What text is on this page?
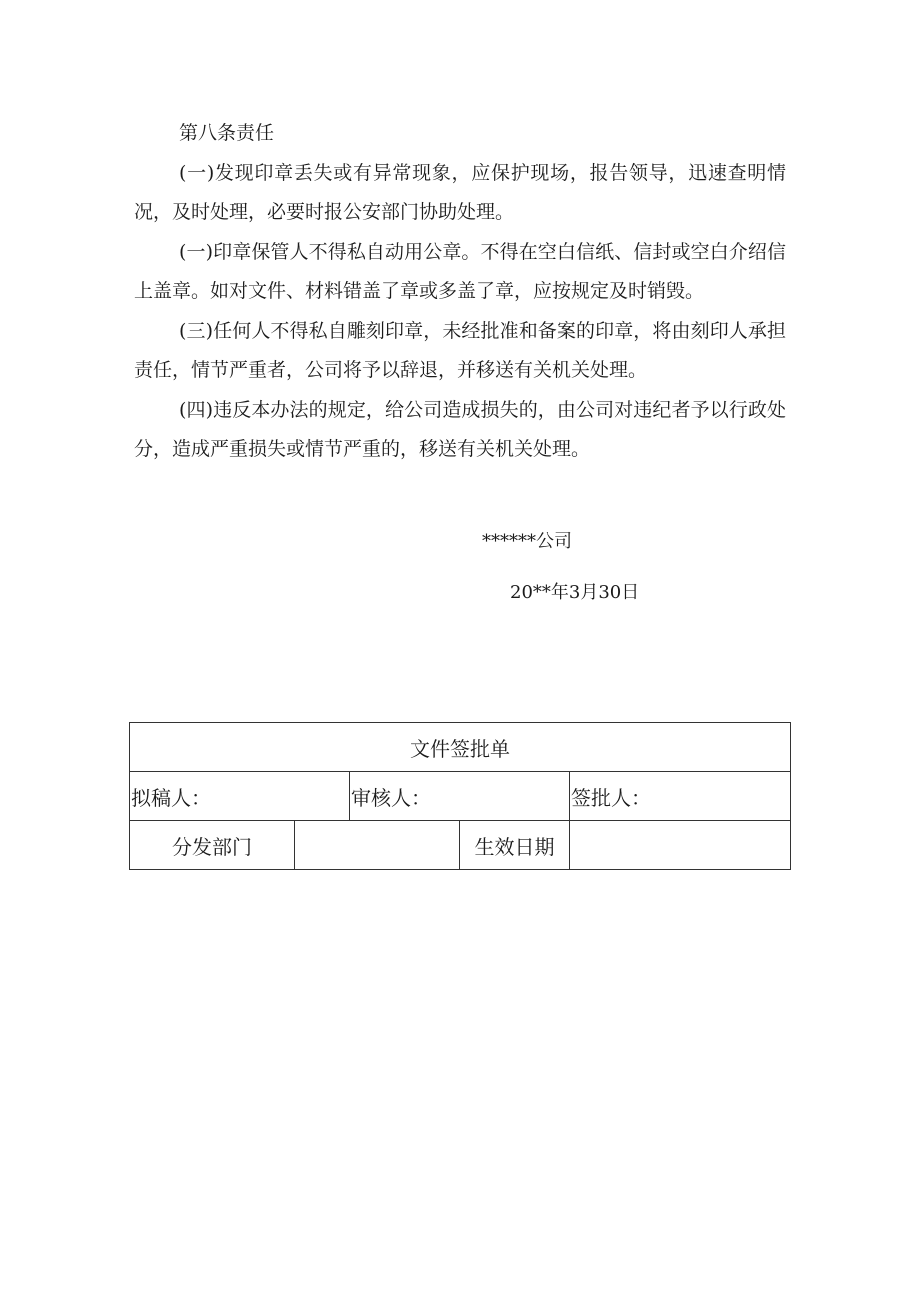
第八条责任

(一)发现印章丢失或有异常现象，应保护现场，报告领导，迅速查明情况，及时处理，必要时报公安部门协助处理。

(一)印章保管人不得私自动用公章。不得在空白信纸、信封或空白介绍信上盖章。如对文件、材料错盖了章或多盖了章，应按规定及时销毁。

(三)任何人不得私自雕刻印章，未经批准和备案的印章，将由刻印人承担责任，情节严重者，公司将予以辞退，并移送有关机关处理。

(四)违反本办法的规定，给公司造成损失的，由公司对违纪者予以行政处分，造成严重损失或情节严重的，移送有关机关处理。

******公司
20**年3月30日
文件签批单				
拟稿人：		审核人：		签批人：
分发部门			生效日期	
